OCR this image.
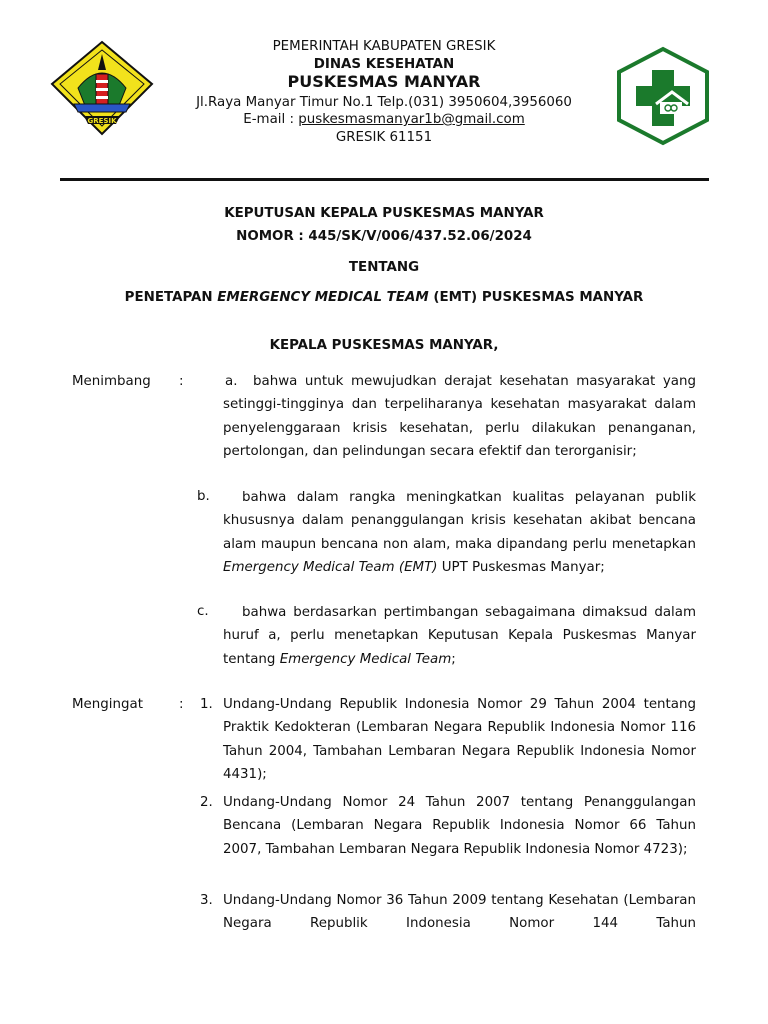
GRESIK
PEMERINTAH KABUPATEN GRESIK
DINAS KESEHATAN
PUSKESMAS MANYAR
Jl.Raya Manyar Timur No.1 Telp.(031) 3950604,3956060
E-mail : puskesmasmanyar1b@gmail.com
GRESIK 61151
KEPUTUSAN KEPALA PUSKESMAS MANYAR
NOMOR : 445/SK/V/006/437.52.06/2024
TENTANG
PENETAPAN EMERGENCY MEDICAL TEAM (EMT) PUSKESMAS MANYAR
KEPALA PUSKESMAS MANYAR,
Menimbang :	a.	bahwa untuk mewujudkan derajat kesehatan masyarakat yang setinggi-tingginya dan terpeliharanya kesehatan masyarakat dalam penyelenggaraan krisis kesehatan, perlu dilakukan penanganan, pertolongan, dan pelindungan secara efektif dan terorganisir;
b.	bahwa dalam rangka meningkatkan kualitas pelayanan publik khususnya dalam penanggulangan krisis kesehatan akibat bencana alam maupun bencana non alam, maka dipandang perlu menetapkan Emergency Medical Team (EMT) UPT Puskesmas Manyar;
c.	bahwa berdasarkan pertimbangan sebagaimana dimaksud dalam huruf a, perlu menetapkan Keputusan Kepala Puskesmas Manyar tentang Emergency Medical Team;
Mengingat	: 1. Undang-Undang Republik Indonesia Nomor 29 Tahun 2004 tentang Praktik Kedokteran (Lembaran Negara Republik Indonesia Nomor 116 Tahun 2004, Tambahan Lembaran Negara Republik Indonesia Nomor 4431);
2. Undang-Undang Nomor 24 Tahun 2007 tentang Penanggulangan Bencana (Lembaran Negara Republik Indonesia Nomor 66 Tahun 2007, Tambahan Lembaran Negara Republik Indonesia Nomor 4723);
3. Undang-Undang Nomor 36 Tahun 2009 tentang Kesehatan (Lembaran Negara Republik Indonesia Nomor 144 Tahun
